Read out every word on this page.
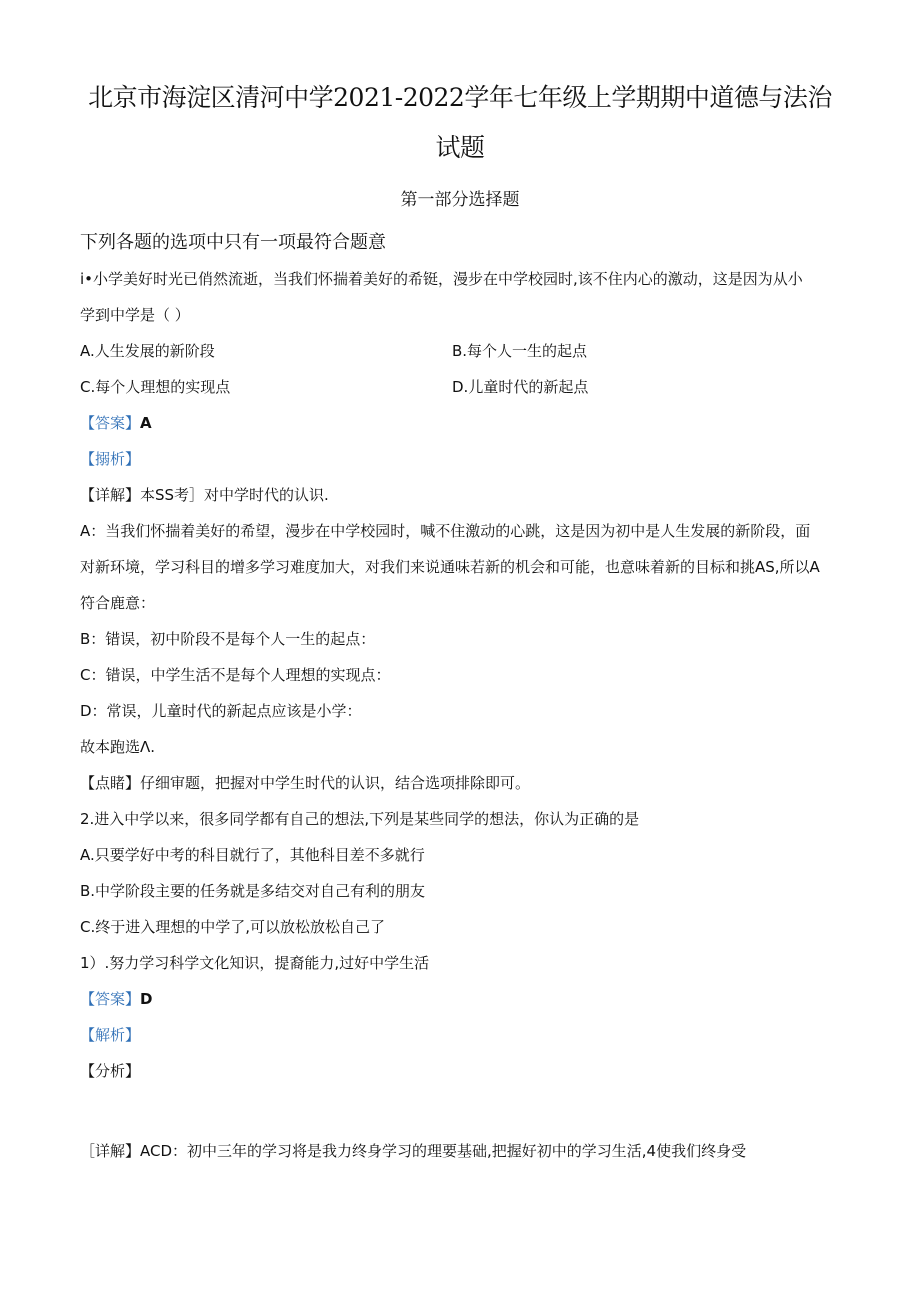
北京市海淀区清河中学2021-2022学年七年级上学期期中道德与法治
试题
第一部分选择题
下列各题的选项中只有一项最符合题意
i•小学美好时光已俏然流逝，当我们怀揣着美好的希铤，漫步在中学校园时,该不住内心的激动，这是因为从小
学到中学是（ ）
A.人生发展的新阶段	B.每个人一生的起点
C.每个人理想的实现点	D.儿童时代的新起点
【答案】A
【搦析】
【详解】本SS考］对中学时代的认识.
A：当我们怀揣着美好的希望，漫步在中学校园时，喊不住激动的心跳，这是因为初中是人生发展的新阶段，面
对新环境，学习科目的增多学习难度加大，对我们来说通味若新的机会和可能，也意味着新的目标和挑AS,所以A
符合鹿意：
B：错误，初中阶段不是每个人一生的起点：
C：错误，中学生活不是每个人理想的实现点：
D：常误，儿童时代的新起点应该是小学：
故本跑选Λ.
【点睹】仔细审题，把握对中学生时代的认识，结合选项排除即可。
2.进入中学以来，很多同学都有自己的想法,下列是某些同学的想法，你认为正确的是
A.只要学好中考的科目就行了，其他科目差不多就行
B.中学阶段主要的任务就是多结交对自己有利的朋友
C.终于进入理想的中学了,可以放松放松自己了
1）.努力学习科学文化知识，提裔能力,过好中学生活
【答案】D
【解析】
【分析】
［详解】ACD：初中三年的学习将是我力终身学习的理要基础,把握好初中的学习生活,4使我们终身受
